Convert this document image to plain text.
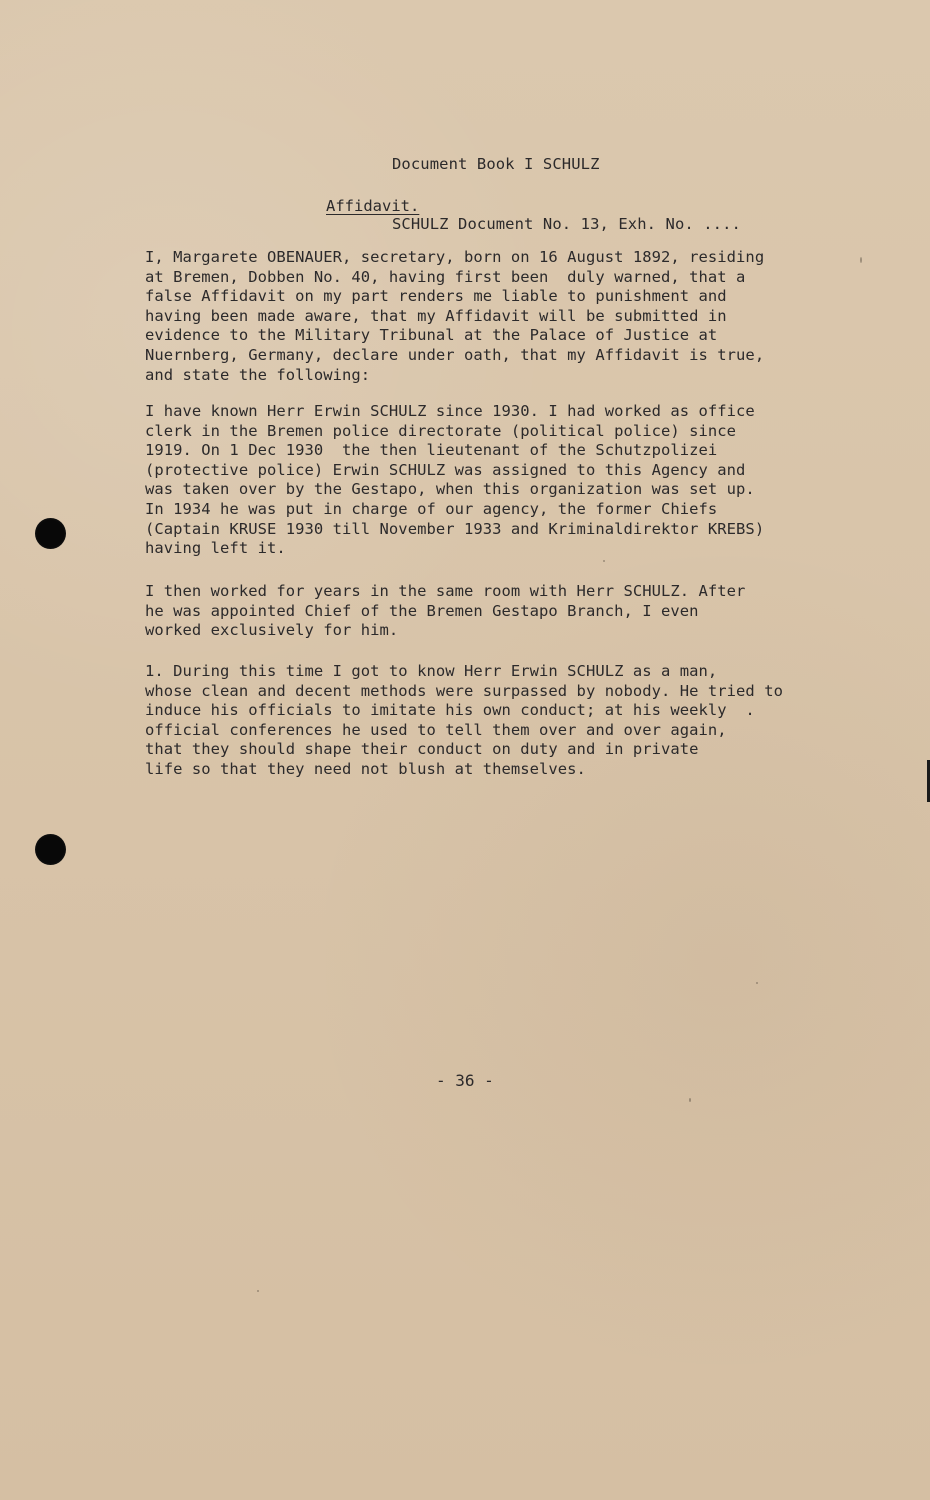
Document Book I SCHULZ

SCHULZ Document No. 13, Exh. No. ....

Affidavit.
I, Margarete OBENAUER, secretary, born on 16 August 1892, residing
at Bremen, Dobben No. 40, having first been  duly warned, that a
false Affidavit on my part renders me liable to punishment and
having been made aware, that my Affidavit will be submitted in
evidence to the Military Tribunal at the Palace of Justice at
Nuernberg, Germany, declare under oath, that my Affidavit is true,
and state the following:
I have known Herr Erwin SCHULZ since 1930. I had worked as office
clerk in the Bremen police directorate (political police) since
1919. On 1 Dec 1930  the then lieutenant of the Schutzpolizei
(protective police) Erwin SCHULZ was assigned to this Agency and
was taken over by the Gestapo, when this organization was set up.
In 1934 he was put in charge of our agency, the former Chiefs
(Captain KRUSE 1930 till November 1933 and Kriminaldirektor KREBS)
having left it.
I then worked for years in the same room with Herr SCHULZ. After
he was appointed Chief of the Bremen Gestapo Branch, I even
worked exclusively for him.
1. During this time I got to know Herr Erwin SCHULZ as a man,
whose clean and decent methods were surpassed by nobody. He tried to
induce his officials to imitate his own conduct; at his weekly  .
official conferences he used to tell them over and over again,
that they should shape their conduct on duty and in private
life so that they need not blush at themselves.
- 36 -
